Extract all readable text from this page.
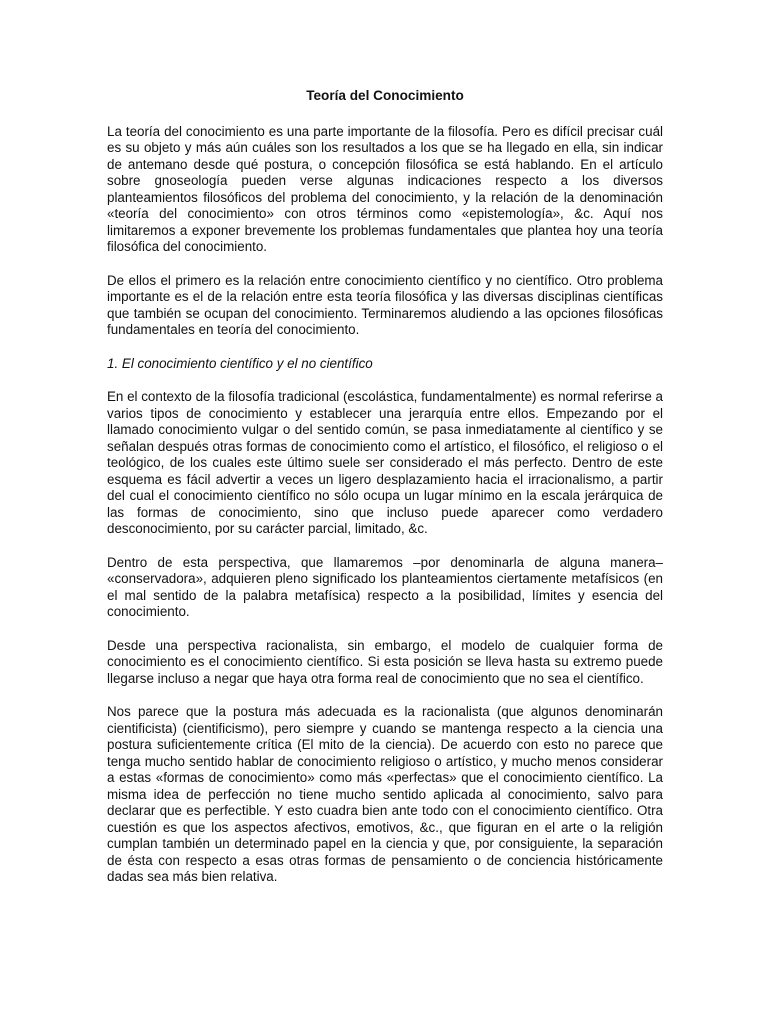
Teoría del Conocimiento

La teoría del conocimiento es una parte importante de la filosofía. Pero es difícil precisar cuál es su objeto y más aún cuáles son los resultados a los que se ha llegado en ella, sin indicar de antemano desde qué postura, o concepción filosófica se está hablando. En el artículo sobre gnoseología pueden verse algunas indicaciones respecto a los diversos planteamientos filosóficos del problema del conocimiento, y la relación de la denominación «teoría del conocimiento» con otros términos como «epistemología», &c. Aquí nos limitaremos a exponer brevemente los problemas fundamentales que plantea hoy una teoría filosófica del conocimiento.

De ellos el primero es la relación entre conocimiento científico y no científico. Otro problema importante es el de la relación entre esta teoría filosófica y las diversas disciplinas científicas que también se ocupan del conocimiento. Terminaremos aludiendo a las opciones filosóficas fundamentales en teoría del conocimiento.

1. El conocimiento científico y el no científico

En el contexto de la filosofía tradicional (escolástica, fundamentalmente) es normal referirse a varios tipos de conocimiento y establecer una jerarquía entre ellos. Empezando por el llamado conocimiento vulgar o del sentido común, se pasa inmediatamente al científico y se señalan después otras formas de conocimiento como el artístico, el filosófico, el religioso o el teológico, de los cuales este último suele ser considerado el más perfecto. Dentro de este esquema es fácil advertir a veces un ligero desplazamiento hacia el irracionalismo, a partir del cual el conocimiento científico no sólo ocupa un lugar mínimo en la escala jerárquica de las formas de conocimiento, sino que incluso puede aparecer como verdadero desconocimiento, por su carácter parcial, limitado, &c.

Dentro de esta perspectiva, que llamaremos –por denominarla de alguna manera– «conservadora», adquieren pleno significado los planteamientos ciertamente metafísicos (en el mal sentido de la palabra metafísica) respecto a la posibilidad, límites y esencia del conocimiento.

Desde una perspectiva racionalista, sin embargo, el modelo de cualquier forma de conocimiento es el conocimiento científico. Si esta posición se lleva hasta su extremo puede llegarse incluso a negar que haya otra forma real de conocimiento que no sea el científico.

Nos parece que la postura más adecuada es la racionalista (que algunos denominarán cientificista) (cientificismo), pero siempre y cuando se mantenga respecto a la ciencia una postura suficientemente crítica (El mito de la ciencia). De acuerdo con esto no parece que tenga mucho sentido hablar de conocimiento religioso o artístico, y mucho menos considerar a estas «formas de conocimiento» como más «perfectas» que el conocimiento científico. La misma idea de perfección no tiene mucho sentido aplicada al conocimiento, salvo para declarar que es perfectible. Y esto cuadra bien ante todo con el conocimiento científico. Otra cuestión es que los aspectos afectivos, emotivos, &c., que figuran en el arte o la religión cumplan también un determinado papel en la ciencia y que, por consiguiente, la separación de ésta con respecto a esas otras formas de pensamiento o de conciencia históricamente dadas sea más bien relativa.
